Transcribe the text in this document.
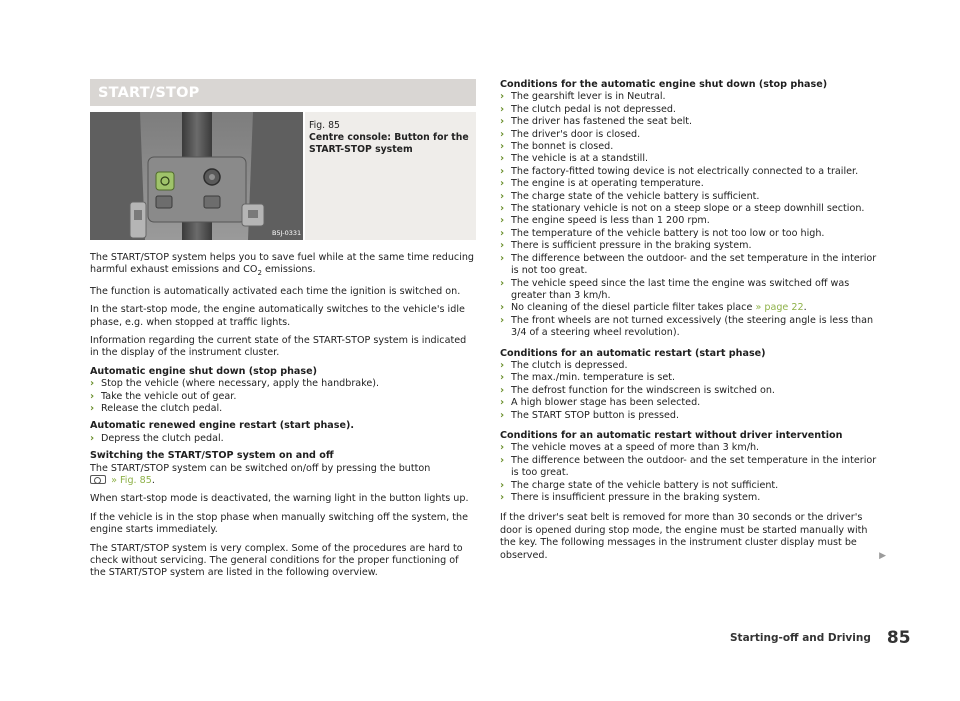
START/STOP
B5J-0331
Fig. 85
Centre console: Button for the START-STOP system

The START/STOP system helps you to save fuel while at the same time reducing harmful exhaust emissions and $CO_2$ emissions.

The function is automatically activated each time the ignition is switched on.

In the start-stop mode, the engine automatically switches to the vehicle's idle phase, e.g. when stopped at traffic lights.

Information regarding the current state of the START-STOP system is indicated in the display of the instrument cluster.

Automatic engine shut down (stop phase)
› Stop the vehicle (where necessary, apply the handbrake).
› Take the vehicle out of gear.
› Release the clutch pedal.
Automatic renewed engine restart (start phase).
› Depress the clutch pedal.
Switching the START/STOP system on and off

The START/STOP system can be switched on/off by pressing the button
» Fig. 85.

When start-stop mode is deactivated, the warning light in the button lights up.

If the vehicle is in the stop phase when manually switching off the system, the engine starts immediately.

The START/STOP system is very complex. Some of the procedures are hard to check without servicing. The general conditions for the proper functioning of the START/STOP system are listed in the following overview.

Conditions for the automatic engine shut down (stop phase)
› The gearshift lever is in Neutral.
› The clutch pedal is not depressed.
› The driver has fastened the seat belt.
› The driver's door is closed.
› The bonnet is closed.
› The vehicle is at a standstill.
› The factory-fitted towing device is not electrically connected to a trailer.
› The engine is at operating temperature.
› The charge state of the vehicle battery is sufficient.
› The stationary vehicle is not on a steep slope or a steep downhill section.
› The engine speed is less than 1 200 rpm.
› The temperature of the vehicle battery is not too low or too high.
› There is sufficient pressure in the braking system.
› The difference between the outdoor- and the set temperature in the interior is not too great.
› The vehicle speed since the last time the engine was switched off was greater than 3 km/h.
› No cleaning of the diesel particle filter takes place » page 22.
› The front wheels are not turned excessively (the steering angle is less than 3/4 of a steering wheel revolution).
Conditions for an automatic restart (start phase)
› The clutch is depressed.
› The max./min. temperature is set.
› The defrost function for the windscreen is switched on.
› A high blower stage has been selected.
› The START STOP button is pressed.
Conditions for an automatic restart without driver intervention
› The vehicle moves at a speed of more than 3 km/h.
› The difference between the outdoor- and the set temperature in the interior is too great.
› The charge state of the vehicle battery is not sufficient.
› There is insufficient pressure in the braking system.

If the driver's seat belt is removed for more than 30 seconds or the driver's door is opened during stop mode, the engine must be started manually with the key. The following messages in the instrument cluster display must be observed.	▶
Starting-off and Driving 85
